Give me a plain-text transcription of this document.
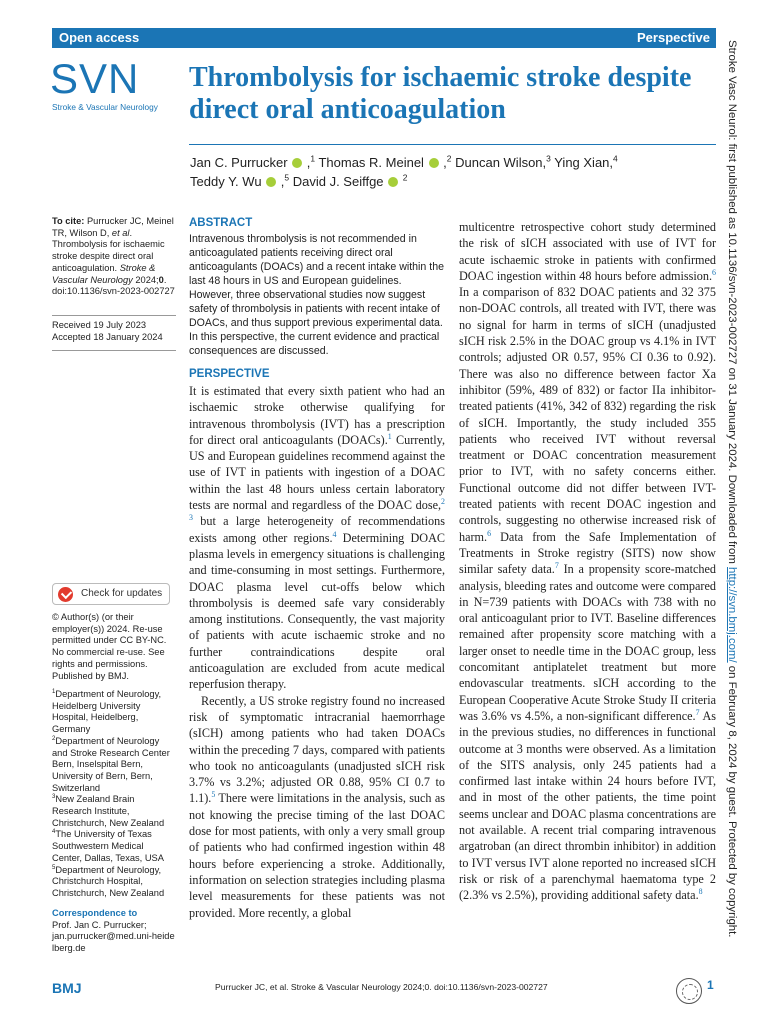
Open access	Perspective
SVN
Stroke & Vascular Neurology
Thrombolysis for ischaemic stroke despite direct oral anticoagulation
Jan C. Purrucker  ,$^1$ Thomas R. Meinel  ,$^2$ Duncan Wilson,$^3$ Ying Xian,$^4$
Teddy Y. Wu  ,$^5$ David J. Seiffge  $^2$
To cite: Purrucker JC, Meinel TR, Wilson D, et al. Thrombolysis for ischaemic stroke despite direct oral anticoagulation. Stroke & Vascular Neurology 2024;0. doi:10.1136/svn-2023-002727
Received 19 July 2023
Accepted 18 January 2024
Check for updates
© Author(s) (or their employer(s)) 2024. Re-use permitted under CC BY-NC. No commercial re-use. See rights and permissions. Published by BMJ.
$^1$Department of Neurology, Heidelberg University Hospital, Heidelberg, Germany
$^2$Department of Neurology and Stroke Research Center Bern, Inselspital Bern, University of Bern, Bern, Switzerland
$^3$New Zealand Brain Research Institute, Christchurch, New Zealand
$^4$The University of Texas Southwestern Medical Center, Dallas, Texas, USA
$^5$Department of Neurology, Christchurch Hospital, Christchurch, New Zealand
Correspondence to
Prof. Jan C. Purrucker;
jan.purrucker@med.uni-heidelberg.de
ABSTRACT
Intravenous thrombolysis is not recommended in anticoagulated patients receiving direct oral anticoagulants (DOACs) and a recent intake within the last 48 hours in US and European guidelines. However, three observational studies now suggest safety of thrombolysis in patients with recent intake of DOACs, and thus support previous experimental data. In this perspective, the current evidence and practical consequences are discussed.
PERSPECTIVE

It is estimated that every sixth patient who had an ischaemic stroke otherwise qualifying for intravenous thrombolysis (IVT) has a prescription for direct oral anticoagulants (DOACs).$^1$ Currently, US and European guidelines recommend against the use of IVT in patients with ingestion of a DOAC within the last 48 hours unless certain laboratory tests are normal and regardless of the DOAC dose,$^{2 3}$ but a large heterogeneity of recommendations exists among other regions.$^4$ Determining DOAC plasma levels in emergency situations is challenging and time-consuming in most settings. Furthermore, DOAC plasma level cut-offs below which thrombolysis is deemed safe vary considerably among institutions. Consequently, the vast majority of patients with acute ischaemic stroke and no further contraindications despite oral anticoagulation are excluded from acute medical reperfusion therapy.

Recently, a US stroke registry found no increased risk of symptomatic intracranial haemorrhage (sICH) among patients who had taken DOACs within the preceding 7 days, compared with patients who took no anticoagulants (unadjusted sICH risk 3.7% vs 3.2%; adjusted OR 0.88, 95% CI 0.7 to 1.1).$^5$ There were limitations in the analysis, such as not knowing the precise timing of the last DOAC dose for most patients, with only a very small group of patients who had confirmed ingestion within 48 hours before experiencing a stroke. Additionally, information on selection strategies including plasma level measurements for these patients was not provided. More recently, a global

multicentre retrospective cohort study determined the risk of sICH associated with use of IVT for acute ischaemic stroke in patients with confirmed DOAC ingestion within 48 hours before admission.$^6$ In a comparison of 832 DOAC patients and 32 375 non-DOAC controls, all treated with IVT, there was no signal for harm in terms of sICH (unadjusted sICH risk 2.5% in the DOAC group vs 4.1% in IVT controls; adjusted OR 0.57, 95% CI 0.36 to 0.92). There was also no difference between factor Xa inhibitor (59%, 489 of 832) or factor IIa inhibitor-treated patients (41%, 342 of 832) regarding the risk of sICH. Importantly, the study included 355 patients who received IVT without reversal treatment or DOAC concentration measurement prior to IVT, with no safety concerns either. Functional outcome did not differ between IVT-treated patients with recent DOAC ingestion and controls, suggesting no otherwise increased risk of harm.$^6$ Data from the Safe Implementation of Treatments in Stroke registry (SITS) now show similar safety data.$^7$ In a propensity score-matched analysis, bleeding rates and outcome were compared in N=739 patients with DOACs with 738 with no oral anticoagulant prior to IVT. Baseline differences remained after propensity score matching with a larger onset to needle time in the DOAC group, less concomitant antiplatelet treatment but more endovascular treatments. sICH according to the European Cooperative Acute Stroke Study II criteria was 3.6% vs 4.5%, a non-significant difference.$^7$ As in the previous studies, no differences in functional outcome at 3 months were observed. As a limitation of the SITS analysis, only 245 patients had a confirmed last intake within 24 hours before IVT, and in most of the other patients, the time point seems unclear and DOAC plasma concentrations are not available. A recent trial comparing intravenous argatroban (an direct thrombin inhibitor) in addition to IVT versus IVT alone reported no increased sICH risk or risk of a parenchymal haematoma type 2 (2.3% vs 2.5%), providing additional safety data.$^8$

Stroke Vasc Neurol: first published as 10.1136/svn-2023-002727 on 31 January 2024. Downloaded from http://svn.bmj.com/ on February 8, 2024 by guest. Protected by copyright.
BMJ	Purrucker JC, et al. Stroke & Vascular Neurology 2024;0. doi:10.1136/svn-2023-002727	1
